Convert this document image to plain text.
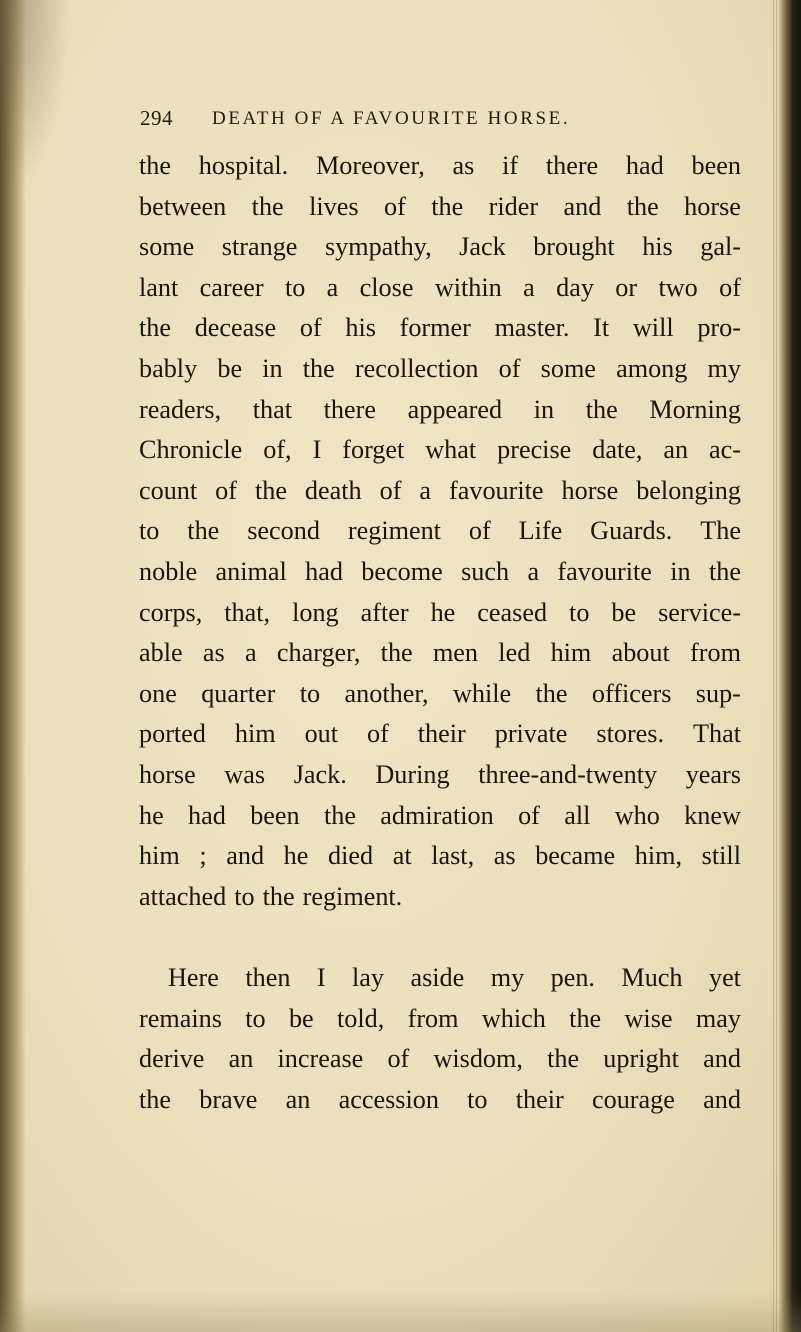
294 DEATH OF A FAVOURITE HORSE.
the hospital. Moreover, as if there had been
between the lives of the rider and the horse
some strange sympathy, Jack brought his gal-
lant career to a close within a day or two of
the decease of his former master. It will pro-
bably be in the recollection of some among my
readers, that there appeared in the Morning
Chronicle of, I forget what precise date, an ac-
count of the death of a favourite horse belonging
to the second regiment of Life Guards. The
noble animal had become such a favourite in the
corps, that, long after he ceased to be service-
able as a charger, the men led him about from
one quarter to another, while the officers sup-
ported him out of their private stores. That
horse was Jack. During three-and-twenty years
he had been the admiration of all who knew
him ; and he died at last, as became him, still
attached to the regiment.
Here then I lay aside my pen. Much yet
remains to be told, from which the wise may
derive an increase of wisdom, the upright and
the brave an accession to their courage and
